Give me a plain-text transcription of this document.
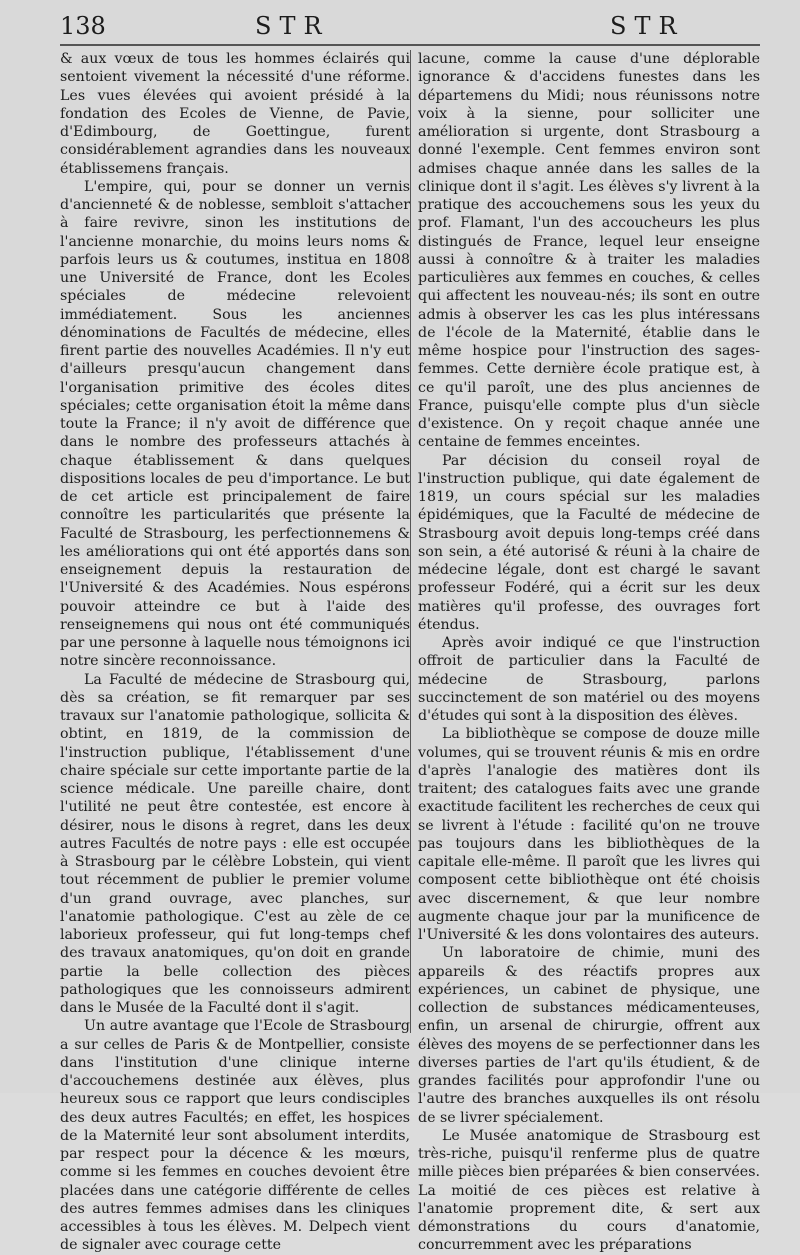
138	STR	STR

& aux vœux de tous les hommes éclairés qui sentoient vivement la nécessité d'une réforme. Les vues élevées qui avoient présidé à la fondation des Ecoles de Vienne, de Pavie, d'Edimbourg, de Goettingue, furent considérablement agrandies dans les nouveaux établissemens français.

L'empire, qui, pour se donner un vernis d'ancienneté & de noblesse, sembloit s'attacher à faire revivre, sinon les institutions de l'ancienne monarchie, du moins leurs noms & parfois leurs us & coutumes, institua en 1808 une Université de France, dont les Ecoles spéciales de médecine relevoient immédiatement. Sous les anciennes dénominations de Facultés de médecine, elles firent partie des nouvelles Académies. Il n'y eut d'ailleurs presqu'aucun changement dans l'organisation primitive des écoles dites spéciales; cette organisation étoit la même dans toute la France; il n'y avoit de différence que dans le nombre des professeurs attachés à chaque établissement & dans quelques dispositions locales de peu d'importance. Le but de cet article est principalement de faire connoître les particularités que présente la Faculté de Strasbourg, les perfectionnemens & les améliorations qui ont été apportés dans son enseignement depuis la restauration de l'Université & des Académies. Nous espérons pouvoir atteindre ce but à l'aide des renseignemens qui nous ont été communiqués par une personne à laquelle nous témoignons ici notre sincère reconnoissance.

La Faculté de médecine de Strasbourg qui, dès sa création, se fit remarquer par ses travaux sur l'anatomie pathologique, sollicita & obtint, en 1819, de la commission de l'instruction publique, l'établissement d'une chaire spéciale sur cette importante partie de la science médicale. Une pareille chaire, dont l'utilité ne peut être contestée, est encore à désirer, nous le disons à regret, dans les deux autres Facultés de notre pays : elle est occupée à Strasbourg par le célèbre Lobstein, qui vient tout récemment de publier le premier volume d'un grand ouvrage, avec planches, sur l'anatomie pathologique. C'est au zèle de ce laborieux professeur, qui fut long-temps chef des travaux anatomiques, qu'on doit en grande partie la belle collection des pièces pathologiques que les connoisseurs admirent dans le Musée de la Faculté dont il s'agit.

Un autre avantage que l'Ecole de Strasbourg a sur celles de Paris & de Montpellier, consiste dans l'institution d'une clinique interne d'accouchemens destinée aux élèves, plus heureux sous ce rapport que leurs condisciples des deux autres Facultés; en effet, les hospices de la Maternité leur sont absolument interdits, par respect pour la décence & les mœurs, comme si les femmes en couches devoient être placées dans une catégorie différente de celles des autres femmes admises dans les cliniques accessibles à tous les élèves. M. Delpech vient de signaler avec courage cette

lacune, comme la cause d'une déplorable ignorance & d'accidens funestes dans les départemens du Midi; nous réunissons notre voix à la sienne, pour solliciter une amélioration si urgente, dont Strasbourg a donné l'exemple. Cent femmes environ sont admises chaque année dans les salles de la clinique dont il s'agit. Les élèves s'y livrent à la pratique des accouchemens sous les yeux du prof. Flamant, l'un des accoucheurs les plus distingués de France, lequel leur enseigne aussi à connoître & à traiter les maladies particulières aux femmes en couches, & celles qui affectent les nouveau-nés; ils sont en outre admis à observer les cas les plus intéressans de l'école de la Maternité, établie dans le même hospice pour l'instruction des sages-femmes. Cette dernière école pratique est, à ce qu'il paroît, une des plus anciennes de France, puisqu'elle compte plus d'un siècle d'existence. On y reçoit chaque année une centaine de femmes enceintes.

Par décision du conseil royal de l'instruction publique, qui date également de 1819, un cours spécial sur les maladies épidémiques, que la Faculté de médecine de Strasbourg avoit depuis long-temps créé dans son sein, a été autorisé & réuni à la chaire de médecine légale, dont est chargé le savant professeur Fodéré, qui a écrit sur les deux matières qu'il professe, des ouvrages fort étendus.

Après avoir indiqué ce que l'instruction offroit de particulier dans la Faculté de médecine de Strasbourg, parlons succinctement de son matériel ou des moyens d'études qui sont à la disposition des élèves.

La bibliothèque se compose de douze mille volumes, qui se trouvent réunis & mis en ordre d'après l'analogie des matières dont ils traitent; des catalogues faits avec une grande exactitude facilitent les recherches de ceux qui se livrent à l'étude : facilité qu'on ne trouve pas toujours dans les bibliothèques de la capitale elle-même. Il paroît que les livres qui composent cette bibliothèque ont été choisis avec discernement, & que leur nombre augmente chaque jour par la munificence de l'Université & les dons volontaires des auteurs.

Un laboratoire de chimie, muni des appareils & des réactifs propres aux expériences, un cabinet de physique, une collection de substances médicamenteuses, enfin, un arsenal de chirurgie, offrent aux élèves des moyens de se perfectionner dans les diverses parties de l'art qu'ils étudient, & de grandes facilités pour approfondir l'une ou l'autre des branches auxquelles ils ont résolu de se livrer spécialement.

Le Musée anatomique de Strasbourg est très-riche, puisqu'il renferme plus de quatre mille pièces bien préparées & bien conservées. La moitié de ces pièces est relative à l'anatomie proprement dite, & sert aux démonstrations du cours d'anatomie, concurremment avec les préparations
